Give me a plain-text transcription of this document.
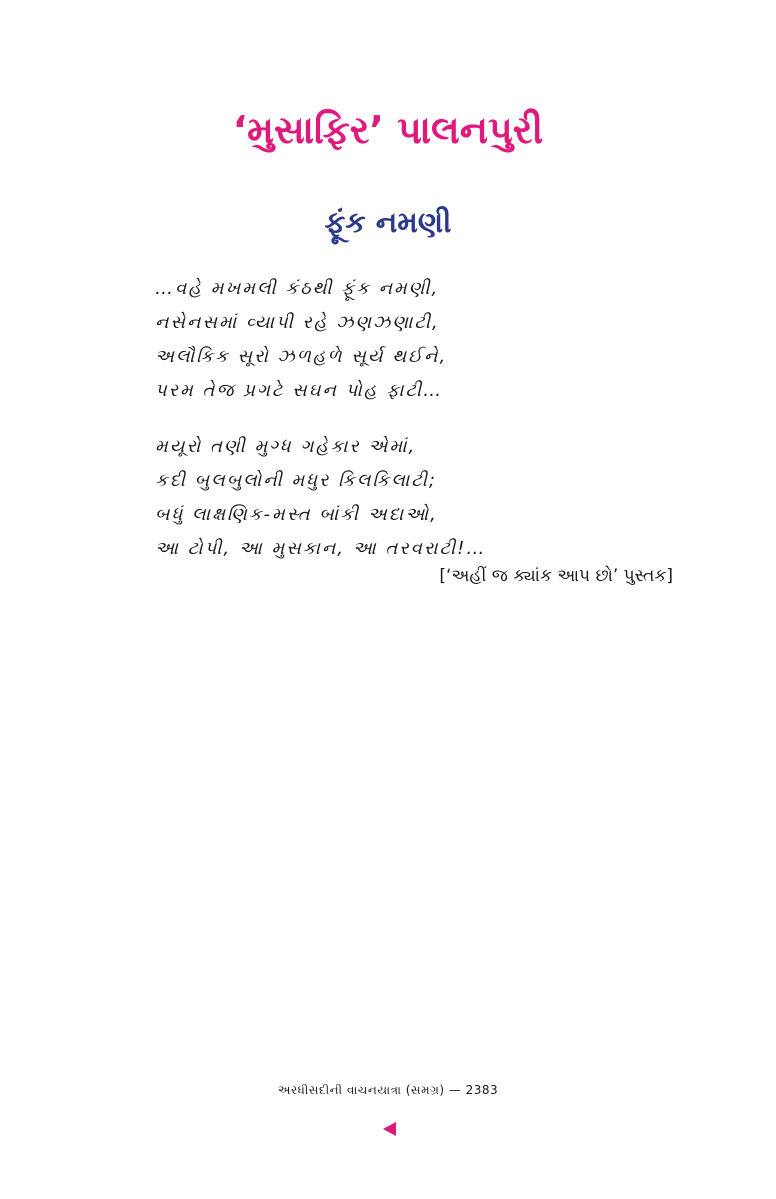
‘મુસાફિર’ પાલનપુરી
ફૂંક નમણી
…વહે મખમલી કંઠથી ફૂંક નમણી,
નસેનસમાં વ્યાપી રહે ઝણઝણાટી,
અલૌકિક સૂરો ઝળહળે સૂર્ય થઈને,
પરમ તેજ પ્રગટે સઘન પોહ ફાટી…
મયૂરો તણી મુગ્ધ ગહેકાર એમાં,
કદી બુલબુલોની મધુર કિલકિલાટી;
બધું લાક્ષણિક-મસ્ત બાંકી અદાઓ,
આ ટોપી, આ મુસકાન, આ તરવરાટી!…
[‘અહીં જ ક્યાંક આપ છો’ પુસ્તક]
અરધીસદીની વાચનયાત્રા (સમગ્ર) — 2383
